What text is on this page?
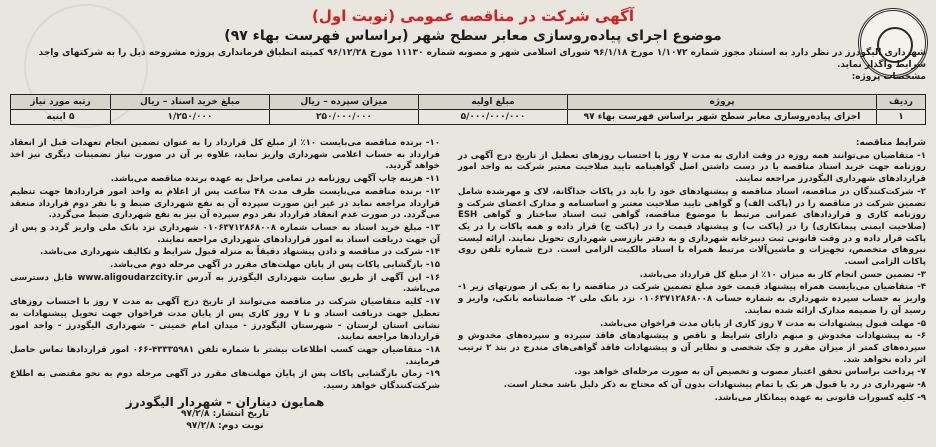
آگهی شرکت در مناقصه عمومی (نوبت اول)

موضوع اجرای پیاده‌روسازی معابر سطح شهر (براساس فهرست بهاء ۹۷)

شهرداری الیگودرز در نظر دارد به استناد مجوز شماره ۱/۱۰۷۲ مورخ ۹۶/۱/۱۸ شورای اسلامی شهر و مصوبه شماره ۱۱۱۳۰ مورخ ۹۶/۱۲/۲۸ کمیته انطباق فرمانداری پروژه مشروحه ذیل را به شرکتهای واجد شرایط واگذار نماید.
مشخصات پروژه:
ردیف	پروژه	مبلغ اولیه	میزان سپرده – ریال	مبلغ خرید اسناد – ریال	رتبه مورد نیاز
۱	اجرای پیاده‌روسازی معابر سطح شهر براساس فهرست بهاء ۹۷	۵/۰۰۰/۰۰۰/۰۰۰	۲۵۰/۰۰۰/۰۰۰	۱/۲۵۰/۰۰۰	۵ ابنیه

شرایط مناقصه:

۱- متقاضیان می‌توانند همه روزه در وقت اداری به مدت ۷ روز با احتساب روزهای تعطیل از تاریخ درج آگهی در روزنامه جهت خرید اسناد مناقصه با در دست داشتن اصل گواهینامه تایید صلاحیت معتبر شرکت به واحد امور قراردادهای شهرداری الیگودرز مراجعه نمایند.

۲- شرکت‌کنندگان در مناقصه، اسناد مناقصه و پیشنهادهای خود را باید در پاکات جداگانه، لاک و مهرشده شامل تضمین شرکت در مناقصه را در (پاکت الف) و گواهی تایید صلاحیت معتبر و اساسنامه و مدارک اعضای شرکت و روزنامه کاری و قراردادهای عمرانی مرتبط با موضوع مناقصه، گواهی ثبت اسناد ساختار و گواهی ESH (صلاحیت ایمنی پیمانکاری) را در (پاکت ب) و پیشنهاد قیمت را در (پاکت ج) قرار داده و همه پاکات را در یک پاکت قرار داده و در وقت قانونی ثبت دبیرخانه شهرداری و به دفتر بازرسی شهرداری تحویل نمایند. ارائه لیست نیروهای متخصص، تجهیزات و ماشین‌آلات مرتبط همراه با اسناد مالکیت الزامی است. درج شماره تلفن روی پاکات الزامی است.

۳- تضمین حسن انجام کار به میزان ۱۰٪ از مبلغ کل قرارداد می‌باشد.

۴- متقاضیان می‌بایست همراه پیشنهاد قیمت خود مبلغ تضمین شرکت در مناقصه را به یکی از صورتهای زیر ۱- واریز به حساب سپرده شهرداری به شماره حساب ۰۱۰۶۳۷۱۲۸۶۸۰۰۸ نزد بانک ملی ۲- ضمانتنامه بانکی، واریز و رسید آن را ضمیمه مدارک ارائه شده نمایند.

۵- مهلت قبول پیشنهادات به مدت ۷ روز کاری از پایان مدت فراخوان می‌باشد.

۶- به پیشنهادات مخدوش و مبهم دارای شرایط و ناقص و پیشنهادهای فاقد سپرده و سپرده‌های مخدوش و سپرده‌های کمتر از میزان مقرر و چک شخصی و نظایر آن و پیشنهادات فاقد گواهی‌های مندرج در بند ۲ ترتیب اثر داده نخواهد شد.

۷- پرداخت براساس تحقق اعتبار مصوب و تخصیص آن به صورت مرحله‌ای خواهد بود.

۸- شهرداری در رد یا قبول هر یک یا تمام پیشنهادات بدون آن که محتاج به ذکر دلیل باشد مختار است.

۹- کلیه کسورات قانونی به عهده پیمانکار می‌باشد.

۱۰- برنده مناقصه می‌بایست ۱۰٪ از مبلغ کل قرارداد را به عنوان تضمین انجام تعهدات قبل از انعقاد قرارداد به حساب اعلامی شهرداری واریز نماید، علاوه بر آن در صورت نیاز تضمینات دیگری نیز اخذ خواهد گردید.

۱۱- هزینه چاپ آگهی روزنامه در تمامی مراحل به عهده برنده مناقصه می‌باشد.

۱۲- برنده مناقصه می‌بایست ظرف مدت ۴۸ ساعت پس از اعلام به واحد امور قراردادها جهت تنظیم قرارداد مراجعه نماید در غیر این صورت سپرده آن به نفع شهرداری ضبط و با نفر دوم قرارداد منعقد می‌گردد. در صورت عدم انعقاد قرارداد نفر دوم سپرده آن نیز به نفع شهرداری ضبط می‌گردد.

۱۳- مبلغ خرید اسناد به حساب شماره ۰۱۰۶۳۷۱۲۸۶۸۰۰۸ شهرداری نزد بانک ملی واریز گردد و پس از آن جهت دریافت اسناد به امور قراردادهای شهرداری مراجعه نمایند.

۱۴- شرکت در مناقصه و دادن پیشنهاد دقیقاً به منزله قبول شرایط و تکالیف شهرداری می‌باشد.

۱۵- بازگشایی پاکات پس از پایان مهلت‌های مقرر در آگهی مرحله دوم می‌باشد.

۱۶- این آگهی از طریق سایت شهرداری الیگودرز به آدرس www.aligoudarzcity.ir قابل دسترسی می‌باشد.

۱۷- کلیه متقاضیان شرکت در مناقصه می‌توانند از تاریخ درج آگهی به مدت ۷ روز با احتساب روزهای تعطیل جهت دریافت اسناد و تا ۷ روز کاری پس از پایان مدت فراخوان جهت تحویل پیشنهادات به نشانی استان لرستان - شهرستان الیگودرز - میدان امام خمینی - شهرداری الیگودرز - واحد امور قراردادها مراجعه نمایند.

۱۸- متقاضیان جهت کسب اطلاعات بیشتر با شماره تلفن ۴۳۳۳۵۹۸۱-۰۶۶ امور قراردادها تماس حاصل فرمایند.

۱۹- زمان بازگشایی پاکات پس از پایان مهلت‌های مقرر در آگهی مرحله دوم به نحو مقتضی به اطلاع شرکت‌کنندگان خواهد رسید.

همایون دیناران - شهردار الیگودرز
تاریخ انتشار: ۹۷/۲/۸
نوبت دوم: ۹۷/۲/۸
